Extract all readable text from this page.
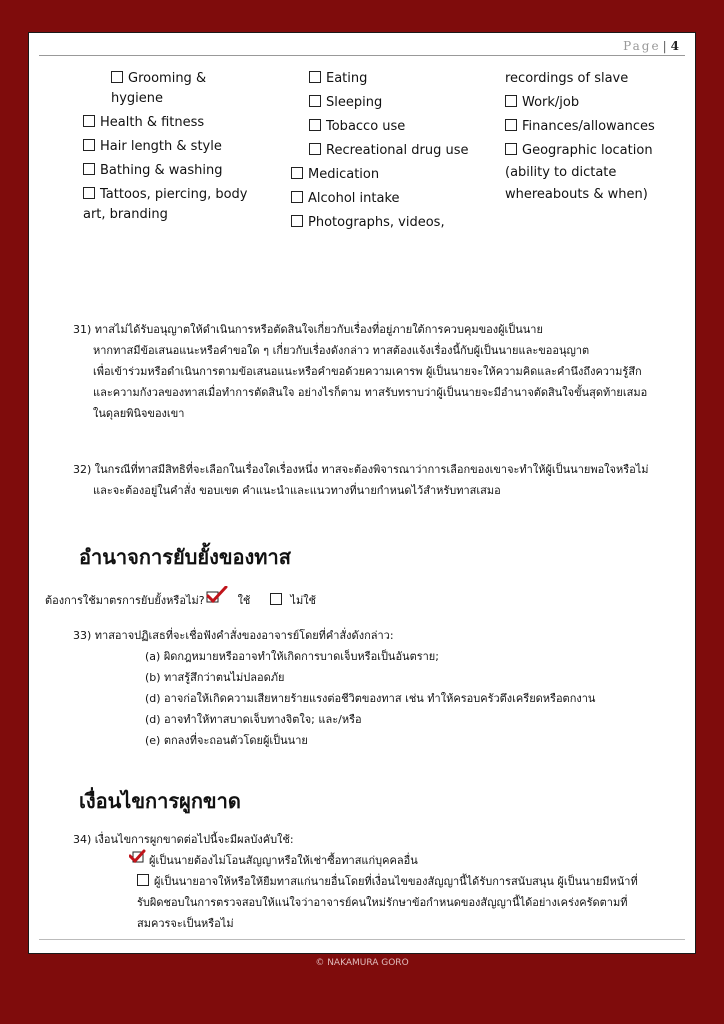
Page | 4
Grooming &
hygiene
Health & fitness
Hair length & style
Bathing & washing
Tattoos, piercing, body
art, branding
Eating
Sleeping
Tobacco use
Recreational drug use
Medication
Alcohol intake
Photographs, videos,
recordings of slave
Work/job
Finances/allowances
Geographic location
(ability to dictate
whereabouts & when)
31) ทาสไม่ได้รับอนุญาตให้ดำเนินการหรือตัดสินใจเกี่ยวกับเรื่องที่อยู่ภายใต้การควบคุมของผู้เป็นนาย
หากทาสมีข้อเสนอแนะหรือคำขอใด ๆ เกี่ยวกับเรื่องดังกล่าว ทาสต้องแจ้งเรื่องนี้กับผู้เป็นนายและขออนุญาต
เพื่อเข้าร่วมหรือดำเนินการตามข้อเสนอแนะหรือคำขอด้วยความเคารพ ผู้เป็นนายจะให้ความคิดและคำนึงถึงความรู้สึก
และความกังวลของทาสเมื่อทำการตัดสินใจ อย่างไรก็ตาม ทาสรับทราบว่าผู้เป็นนายจะมีอำนาจตัดสินใจขั้นสุดท้ายเสมอ
ในดุลยพินิจของเขา
32) ในกรณีที่ทาสมีสิทธิที่จะเลือกในเรื่องใดเรื่องหนึ่ง ทาสจะต้องพิจารณาว่าการเลือกของเขาจะทำให้ผู้เป็นนายพอใจหรือไม่
และจะต้องอยู่ในคำสั่ง ขอบเขต คำแนะนำและแนวทางที่นายกำหนดไว้สำหรับทาสเสมอ
อำนาจการยับยั้งของทาส
ต้องการใช้มาตรการยับยั้งหรือไม่?	ใช้	ไม่ใช้
33) ทาสอาจปฏิเสธที่จะเชื่อฟังคำสั่งของอาจารย์โดยที่คำสั่งดังกล่าว:
(a) ผิดกฎหมายหรืออาจทำให้เกิดการบาดเจ็บหรือเป็นอันตราย;
(b) ทาสรู้สึกว่าตนไม่ปลอดภัย
(d) อาจก่อให้เกิดความเสียหายร้ายแรงต่อชีวิตของทาส เช่น ทำให้ครอบครัวตึงเครียดหรือตกงาน
(d) อาจทำให้ทาสบาดเจ็บทางจิตใจ; และ/หรือ
(e) ตกลงที่จะถอนตัวโดยผู้เป็นนาย
เงื่อนไขการผูกขาด
34) เงื่อนไขการผูกขาดต่อไปนี้จะมีผลบังคับใช้:
ผู้เป็นนายต้องไม่โอนสัญญาหรือให้เช่าซื้อทาสแก่บุคคลอื่น
ผู้เป็นนายอาจให้หรือให้ยืมทาสแก่นายอื่นโดยที่เงื่อนไขของสัญญานี้ได้รับการสนับสนุน ผู้เป็นนายมีหน้าที่
รับผิดชอบในการตรวจสอบให้แน่ใจว่าอาจารย์คนใหม่รักษาข้อกำหนดของสัญญานี้ได้อย่างเคร่งครัดตามที่
สมควรจะเป็นหรือไม่
© NAKAMURA GORO
